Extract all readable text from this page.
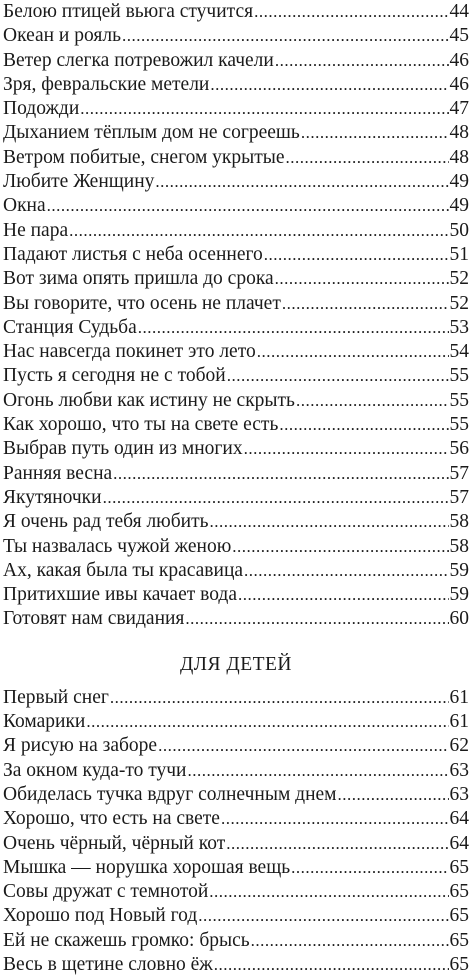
Белою птицей вьюга стучится .....	44
Океан и рояль .....	45
Ветер слегка потревожил качели .....	46
Зря, февральские метели .....	46
Подожди .....	47
Дыханием тёплым дом не согреешь .....	48
Ветром побитые, снегом укрытые .....	48
Любите Женщину .....	49
Окна .....	49
Не пара .....	50
Падают листья с неба осеннего .....	51
Вот зима опять пришла до срока .....	52
Вы говорите, что осень не плачет .....	52
Станция Судьба .....	53
Нас навсегда покинет это лето .....	54
Пусть я сегодня не с тобой .....	55
Огонь любви как истину не скрыть .....	55
Как хорошо, что ты на свете есть .....	55
Выбрав путь один из многих .....	56
Ранняя весна .....	57
Якутяночки .....	57
Я очень рад тебя любить .....	58
Ты назвалась чужой женою .....	58
Ах, какая была ты красавица .....	59
Притихшие ивы качает вода .....	59
Готовят нам свидания .....	60
ДЛЯ ДЕТЕЙ
Первый снег .....	61
Комарики .....	61
Я рисую на заборе .....	62
За окном куда-то тучи .....	63
Обиделась тучка вдруг солнечным днем .....	63
Хорошо, что есть на свете .....	64
Очень чёрный, чёрный кот .....	64
Мышка — норушка хорошая вещь .....	65
Совы дружат с темнотой .....	65
Хорошо под Новый год .....	65
Ей не скажешь громко: брысь .....	65
Весь в щетине словно ёж .....	65
